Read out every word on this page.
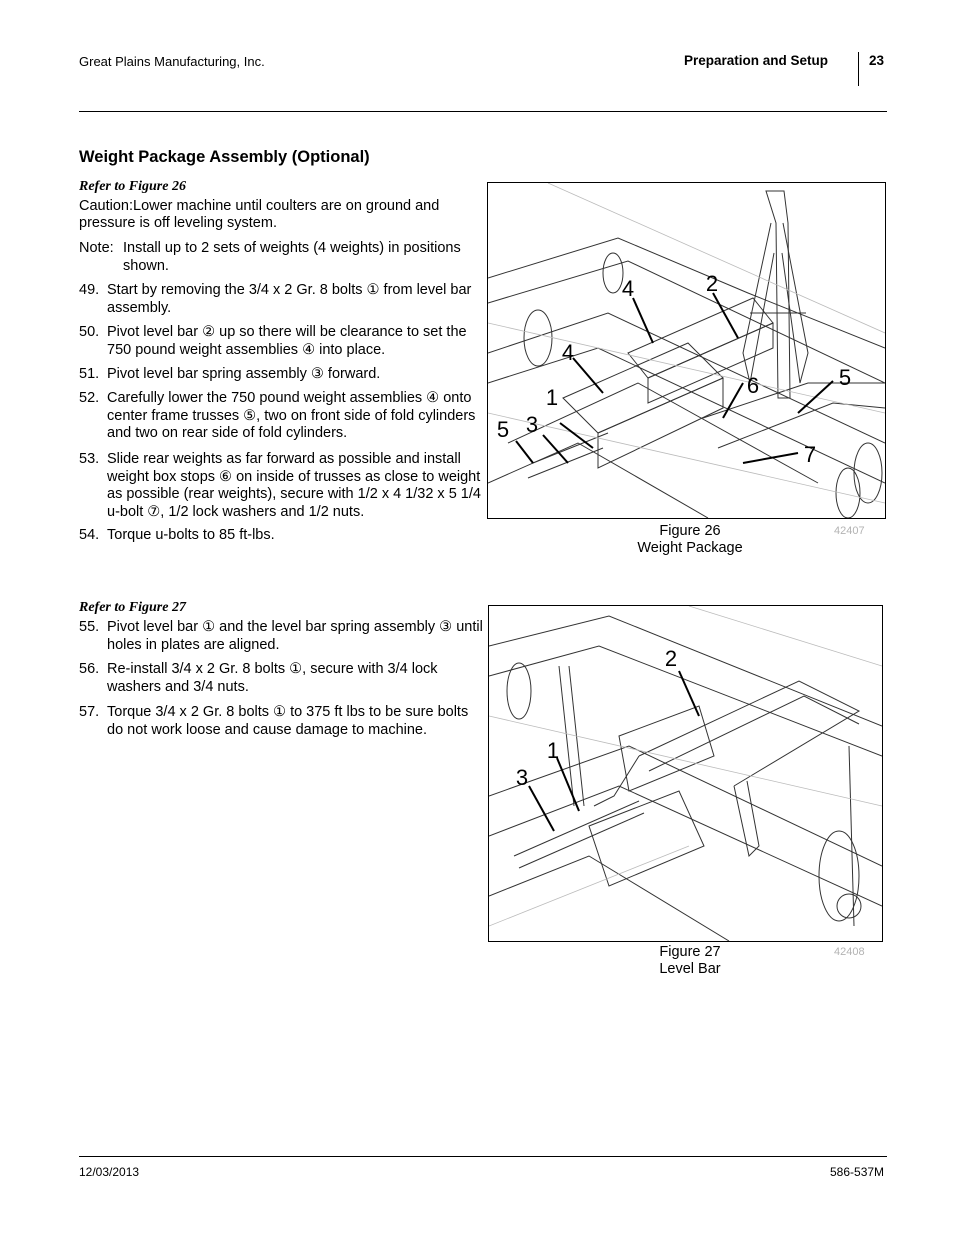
Great Plains Manufacturing, Inc.	Preparation and Setup	23
Weight Package Assembly (Optional)
Refer to Figure 26
Caution:Lower machine until coulters are on ground and pressure is off leveling system.
Note: Install up to 2 sets of weights (4 weights) in positions shown.
49. Start by removing the 3/4 x 2 Gr. 8 bolts ① from level bar assembly.
50. Pivot level bar ② up so there will be clearance to set the 750 pound weight assemblies ④ into place.
51. Pivot level bar spring assembly ③ forward.
52. Carefully lower the 750 pound weight assemblies ④ onto center frame trusses ⑤, two on front side of fold cylinders and two on rear side of fold cylinders.
53. Slide rear weights as far forward as possible and install weight box stops ⑥ on inside of trusses as close to weight as possible (rear weights), secure with 1/2 x 4 1/32 x 5 1/4 u-bolt ⑦, 1/2 lock washers and 1/2 nuts.
54. Torque u-bolts to 85 ft-lbs.
2
4
4
6	5
1
3
5
7
Figure 26
Weight Package
42407
Refer to Figure 27
55. Pivot level bar ① and the level bar spring assembly ③ until holes in plates are aligned.
56. Re-install 3/4 x 2 Gr. 8 bolts ①, secure with 3/4 lock washers and 3/4 nuts.
57. Torque 3/4 x 2 Gr. 8 bolts ① to 375 ft lbs to be sure bolts do not work loose and cause damage to machine.
2
1
3
Figure 27
Level Bar
42408
12/03/2013	586-537M
